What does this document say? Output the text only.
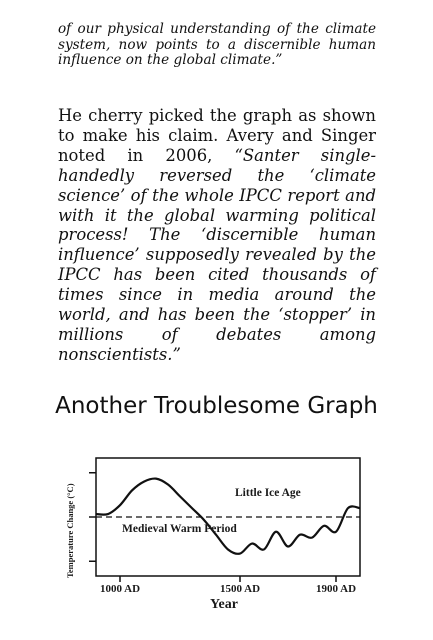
of our physical understanding of the climate system, now points to a discernible human influence on the global climate.”
He cherry picked the graph as shown to make his claim. Avery and Singer noted in 2006, “Santer single-handedly reversed the ‘climate science’ of the whole IPCC report and with it the global warming political process! The ‘discernible human influence’ supposedly revealed by the IPCC has been cited thousands of times since in media around the world, and has been the ‘stopper’ in millions of debates among nonscientists.”
Another Troublesome Graph
1000 AD	1500 AD	1900 AD
Little Ice Age
Medieval Warm Period
Temperature Change (°C)
Year
